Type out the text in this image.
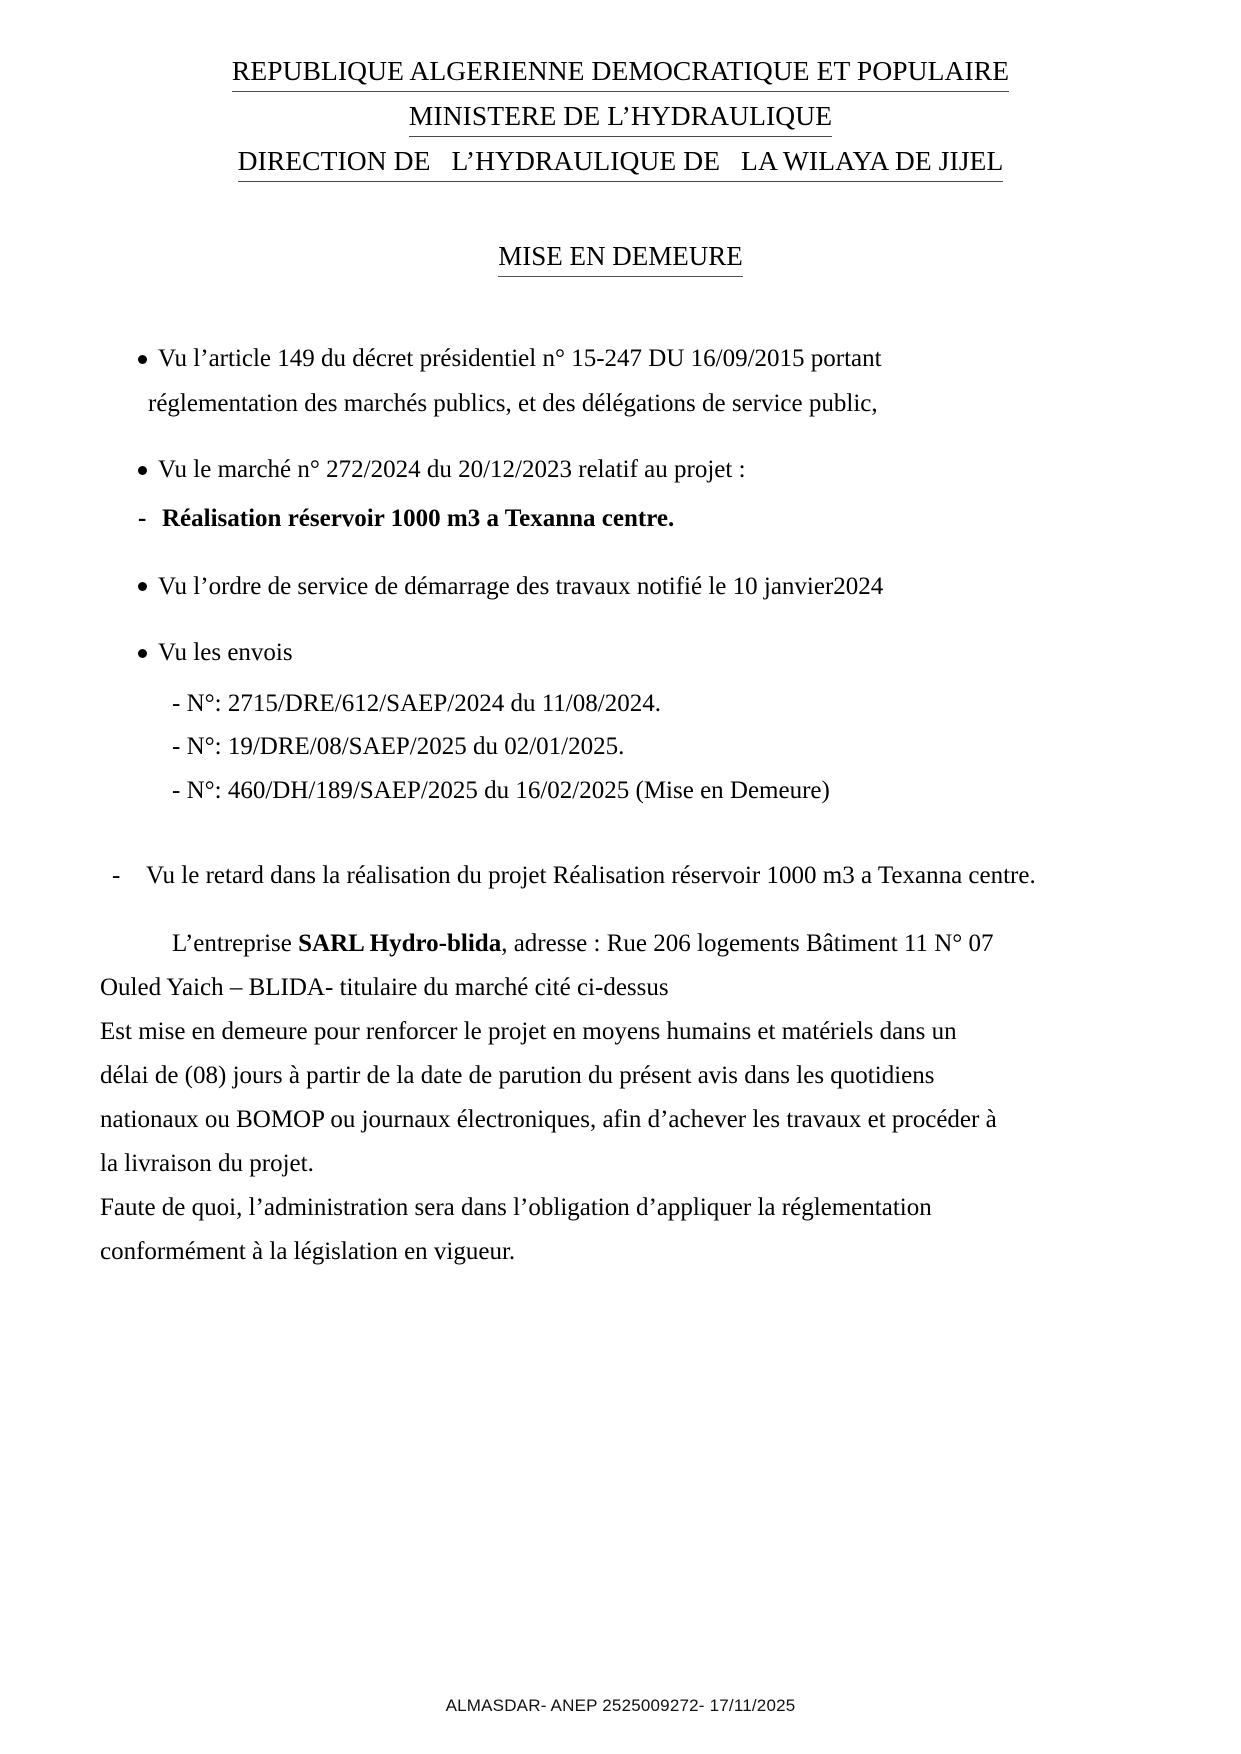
REPUBLIQUE ALGERIENNE DEMOCRATIQUE ET POPULAIRE
MINISTERE DE L’HYDRAULIQUE
DIRECTION DE   L’HYDRAULIQUE DE   LA WILAYA DE JIJEL
MISE EN DEMEURE
Vu l’article 149 du décret présidentiel n° 15-247 DU 16/09/2015 portant
réglementation des marchés publics, et des délégations de service public,
Vu le marché n° 272/2024 du 20/12/2023 relatif au projet :
- Réalisation réservoir 1000 m3 a Texanna centre.
Vu l’ordre de service de démarrage des travaux notifié le 10 janvier2024
Vu les envois
- N°: 2715/DRE/612/SAEP/2024 du 11/08/2024.
- N°: 19/DRE/08/SAEP/2025 du 02/01/2025.
- N°: 460/DH/189/SAEP/2025 du 16/02/2025 (Mise en Demeure)
- Vu le retard dans la réalisation du projet Réalisation réservoir 1000 m3 a Texanna centre.
L’entreprise SARL Hydro-blida, adresse : Rue 206 logements Bâtiment 11 N° 07
Ouled Yaich – BLIDA- titulaire du marché cité ci-dessus
Est mise en demeure pour renforcer le projet en moyens humains et matériels dans un
délai de (08) jours à partir de la date de parution du présent avis dans les quotidiens
nationaux ou BOMOP ou journaux électroniques, afin d’achever les travaux et procéder à
la livraison du projet.
Faute de quoi, l’administration sera dans l’obligation d’appliquer la réglementation
conformément à la législation en vigueur.
ALMASDAR- ANEP 2525009272- 17/11/2025
